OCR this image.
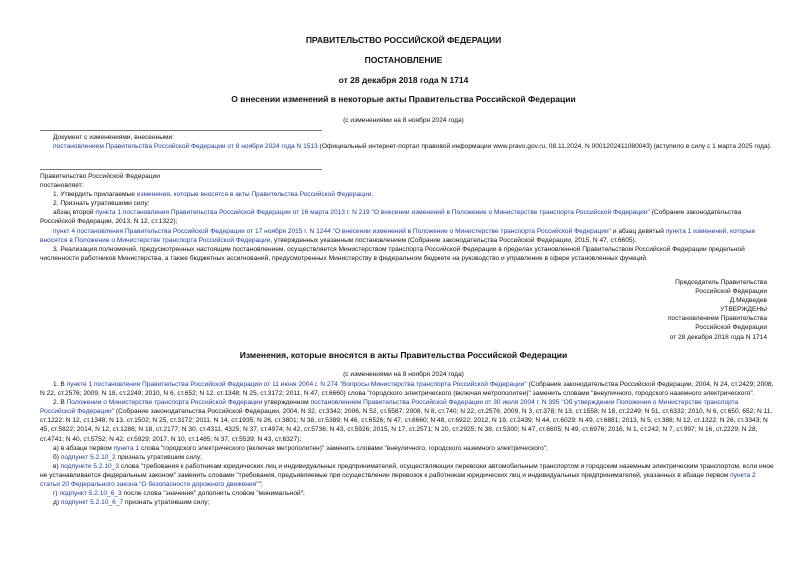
ПРАВИТЕЛЬСТВО РОССИЙСКОЙ ФЕДЕРАЦИИ
ПОСТАНОВЛЕНИЕ
от 28 декабря 2018 года N 1714
О внесении изменений в некоторые акты Правительства Российской Федерации
(с изменениями на 8 ноября 2024 года)

Документ с изменениями, внесенными:

постановлением Правительства Российской Федерации от 8 ноября 2024 года N 1513 (Официальный интернет-портал правовой информации www.pravo.gov.ru, 08.11.2024, N 0001202411080043) (вступило в силу с 1 марта 2025 года).

Правительство Российской Федерации

постановляет:

1. Утвердить прилагаемые изменения, которые вносятся в акты Правительства Российской Федерации.

2. Признать утратившими силу:

абзац второй пункта 1 постановления Правительства Российской Федерации от 16 марта 2013 г. N 219 "О внесении изменений в Положение о Министерстве транспорта Российской Федерации" (Собрание законодательства Российской Федерации, 2013, N 12, ст.1322);

пункт 4 постановления Правительства Российской Федерации от 17 ноября 2015 г. N 1244 "О внесении изменений в Положение о Министерстве транспорта Российской Федерации" и абзац девятый пункта 1 изменений, которые вносятся в Положение о Министерстве транспорта Российской Федерации, утвержденных указанным постановлением (Собрание законодательства Российской Федерации, 2015, N 47, ст.6605).

3. Реализация полномочий, предусмотренных настоящим постановлением, осуществляется Министерством транспорта Российской Федерации в пределах установленной Правительством Российской Федерации предельной численности работников Министерства, а также бюджетных ассигнований, предусмотренных Министерству в федеральном бюджете на руководство и управление в сфере установленных функций.

Председатель Правительства

Российской Федерации

Д.Медведев

УТВЕРЖДЕНЫ

постановлением Правительства

Российской Федерации

от 28 декабря 2018 года N 1714

Изменения, которые вносятся в акты Правительства Российской Федерации
(с изменениями на 8 ноября 2024 года)

1. В пункте 1 постановления Правительства Российской Федерации от 11 июня 2004 г. N 274 "Вопросы Министерства транспорта Российской Федерации" (Собрание законодательства Российской Федерации, 2004, N 24, ст.2429; 2008, N 22, ст.2576; 2009, N 18, ст.2249; 2010, N 6, ст.652; N 12, ст.1348; N 25, ст.3172; 2011, N 47, ст.6660) слова "городского электрического (включая метрополитен)" заменить словами "внеуличного, городского наземного электрического".

2. В Положении о Министерстве транспорта Российской Федерации утвержденном постановлением Правительства Российской Федерации от 30 июля 2004 г. N 395 "Об утверждении Положения о Министерстве транспорта Российской Федерации" (Собрание законодательства Российской Федерации, 2004, N 32, ст.3342; 2006, N 52, ст.5587; 2008, N 8, ст.740; N 22, ст.2576; 2009, N 3, ст.378; N 13, ст.1558; N 18, ст.2249; N 51, ст.6332; 2010, N 6, ст.650, 652; N 11, ст.1222; N 12, ст.1348; N 13, ст.1502; N 25, ст.3172; 2011, N 14, ст.1935; N 26, ст.3801; N 38, ст.5389; N 46, ст.6526; N 47, ст.6660; N 48, ст.6922; 2012, N 19, ст.2439; N 44, ст.6029; N 49, ст.6881; 2013, N 5, ст.388; N 12, ст.1322; N 26, ст.3343; N 45, ст.5822; 2014, N 12, ст.1286; N 18, ст.2177; N 30, ст.4311, 4325; N 37, ст.4974; N 42, ст.5736; N 43, ст.5926; 2015, N 17, ст.2571; N 20, ст.2925; N 38, ст.5300; N 47, ст.6605; N 49, ст.6976; 2016, N 1, ст.242; N 7, ст.997; N 16, ст.2229; N 28, ст.4741; N 40, ст.5752; N 42, ст.5929; 2017, N 10, ст.1485; N 37, ст.5539; N 43, ст.6327):

а) в абзаце первом пункта 1 слова "городского электрического (включая метрополитен)" заменить словами "внеуличного, городского наземного электрического";

б) подпункт 5.2.10_2 признать утратившим силу;

в) подпункте 5.2.10_3 слова "требования к работникам юридических лиц и индивидуальных предпринимателей, осуществляющих перевозки автомобильным транспортом и городским наземным электрическим транспортом, если иное не устанавливается федеральным законом" заменить словами "требования, предъявляемые при осуществлении перевозок к работникам юридических лиц и индивидуальных предпринимателей, указанных в абзаце первом пункта 2 статьи 20 Федерального закона "О безопасности дорожного движения"";

г) подпункт 5.2.10_6_3 после слова "значения" дополнить словом "минимальной";

д) подпункт 5.2.10_6_7 признать утратившим силу;
